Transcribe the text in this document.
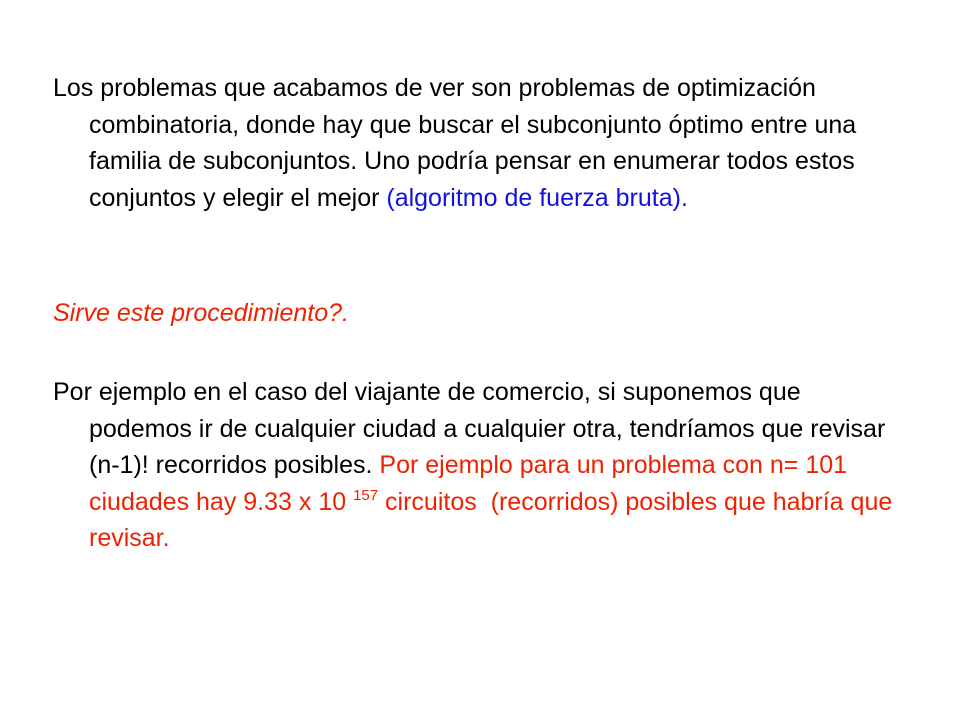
Los problemas que acabamos de ver son problemas de optimización combinatoria, donde hay que buscar el subconjunto óptimo entre una familia de subconjuntos. Uno podría pensar en enumerar todos estos conjuntos y elegir el mejor (algoritmo de fuerza bruta).

Sirve este procedimiento?.

Por ejemplo en el caso del viajante de comercio, si suponemos que podemos ir de cualquier ciudad a cualquier otra, tendríamos que revisar (n-1)! recorridos posibles. Por ejemplo para un problema con n= 101 ciudades hay 9.33 x 10 $^{157}$ circuitos  (recorridos) posibles que habría que revisar.
